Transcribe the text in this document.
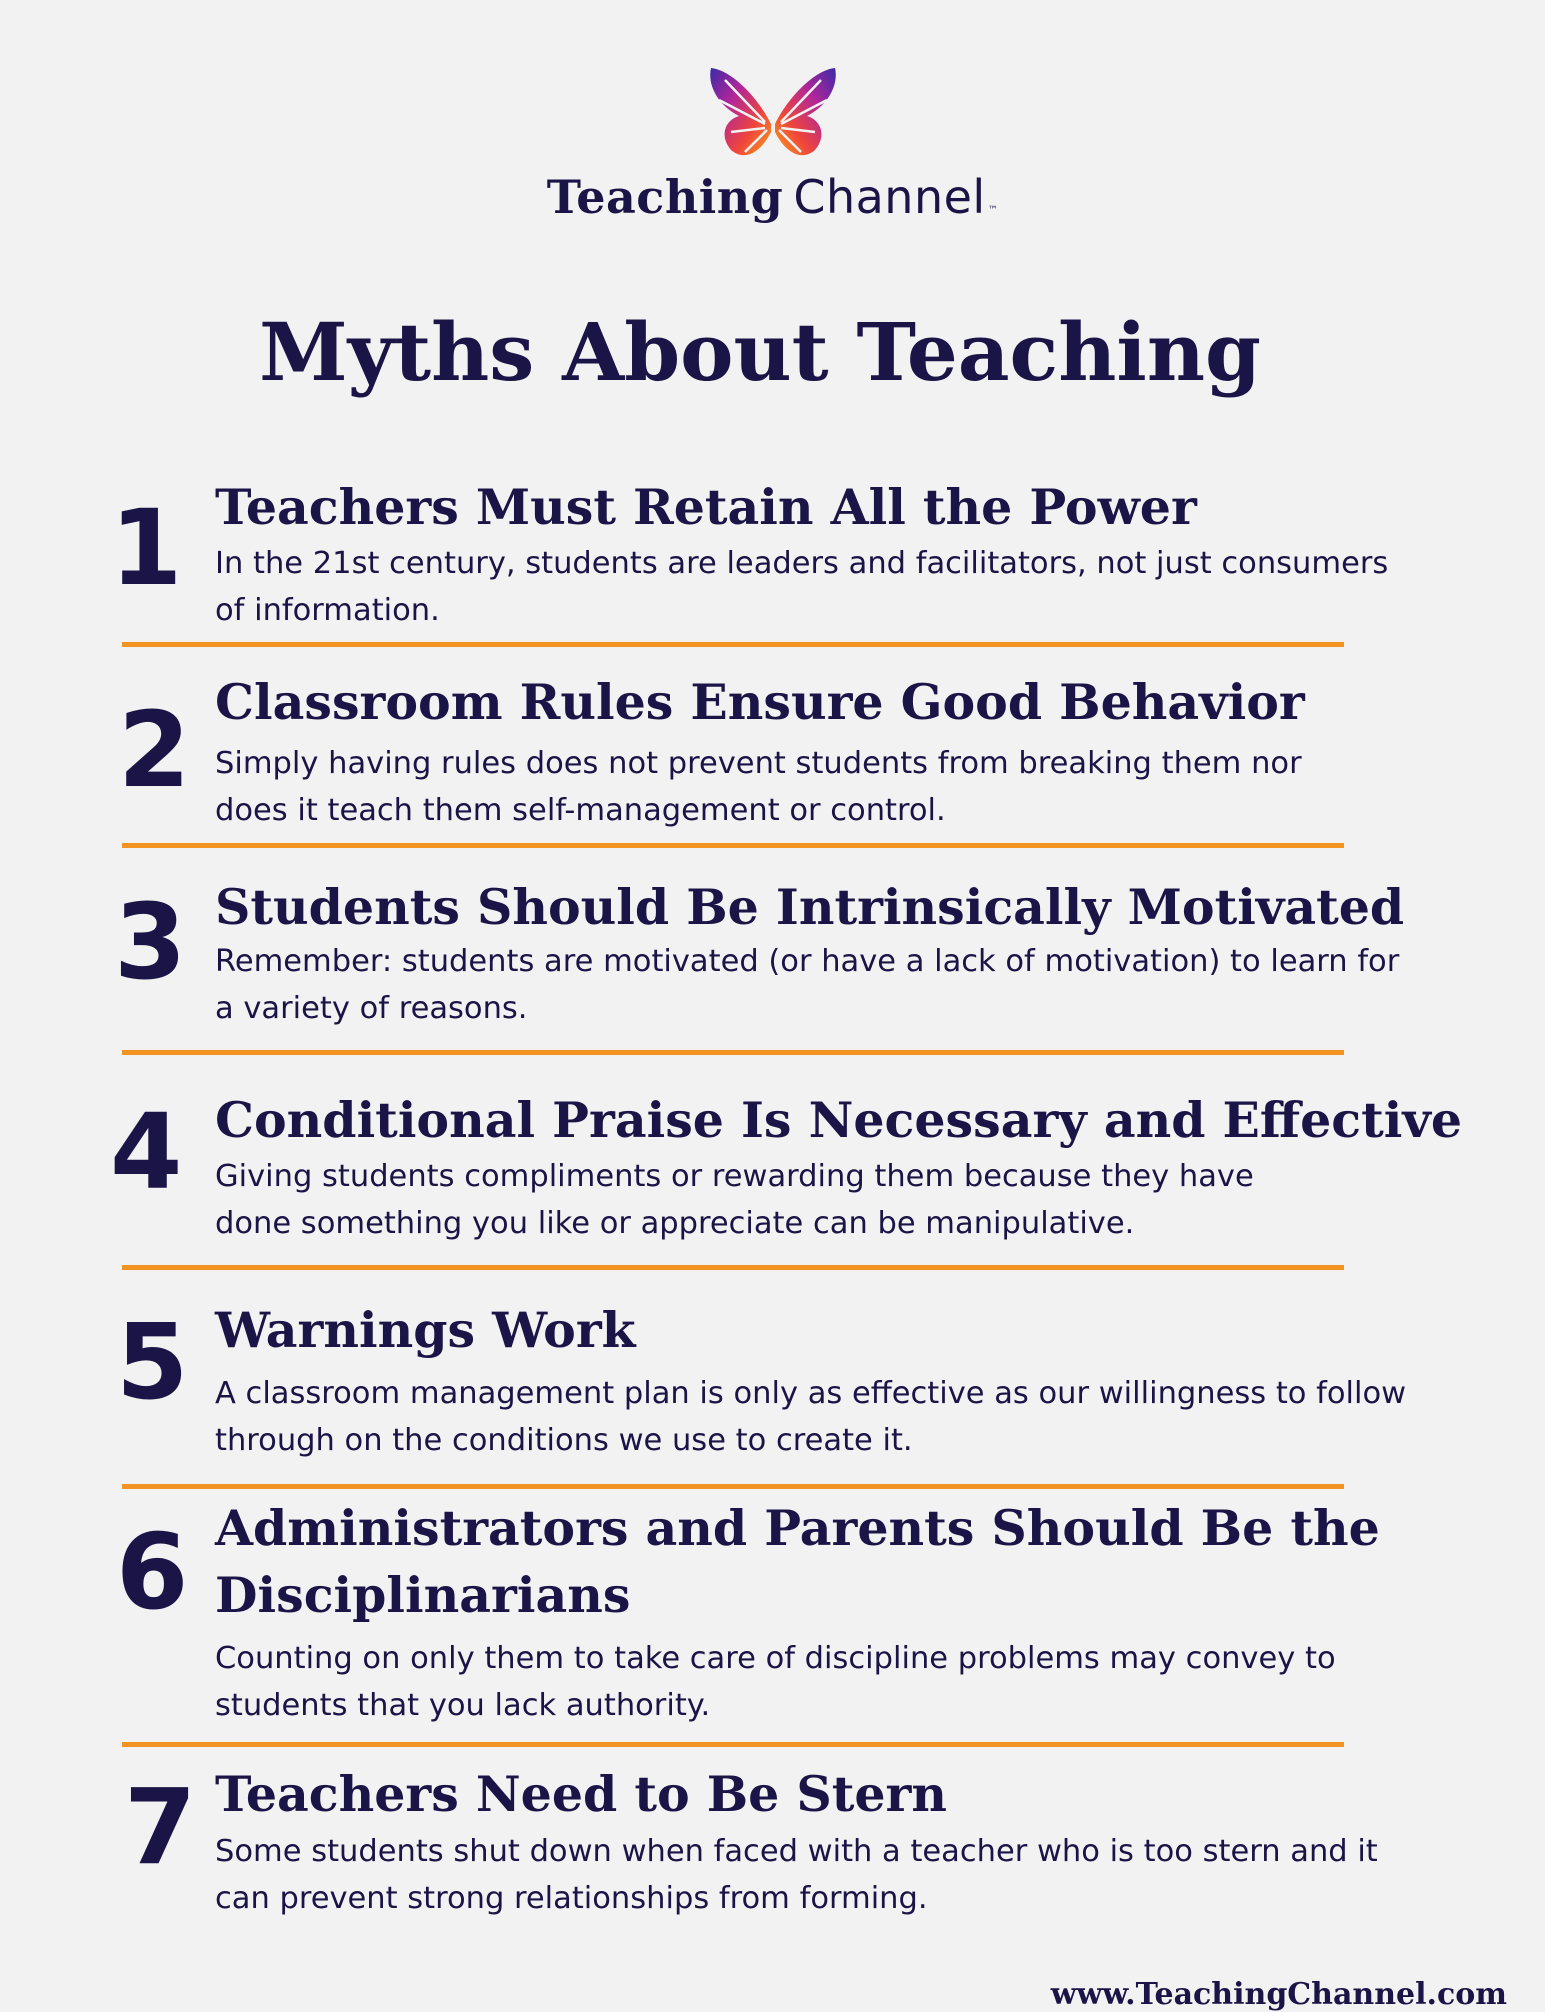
Teaching Channel ™
Myths About Teaching
1 Teachers Must Retain All the Power

In the 21st century, students are leaders and facilitators, not just consumers of information.

2 Classroom Rules Ensure Good Behavior

Simply having rules does not prevent students from breaking them nor does it teach them self-management or control.

3 Students Should Be Intrinsically Motivated

Remember: students are motivated (or have a lack of motivation) to learn for a variety of reasons.

4 Conditional Praise Is Necessary and Effective

Giving students compliments or rewarding them because they have done something you like or appreciate can be manipulative.

5 Warnings Work

A classroom management plan is only as effective as our willingness to follow through on the conditions we use to create it.

6 Administrators and Parents Should Be the Disciplinarians

Counting on only them to take care of discipline problems may convey to students that you lack authority.

7 Teachers Need to Be Stern

Some students shut down when faced with a teacher who is too stern and it can prevent strong relationships from forming.

www.TeachingChannel.com
